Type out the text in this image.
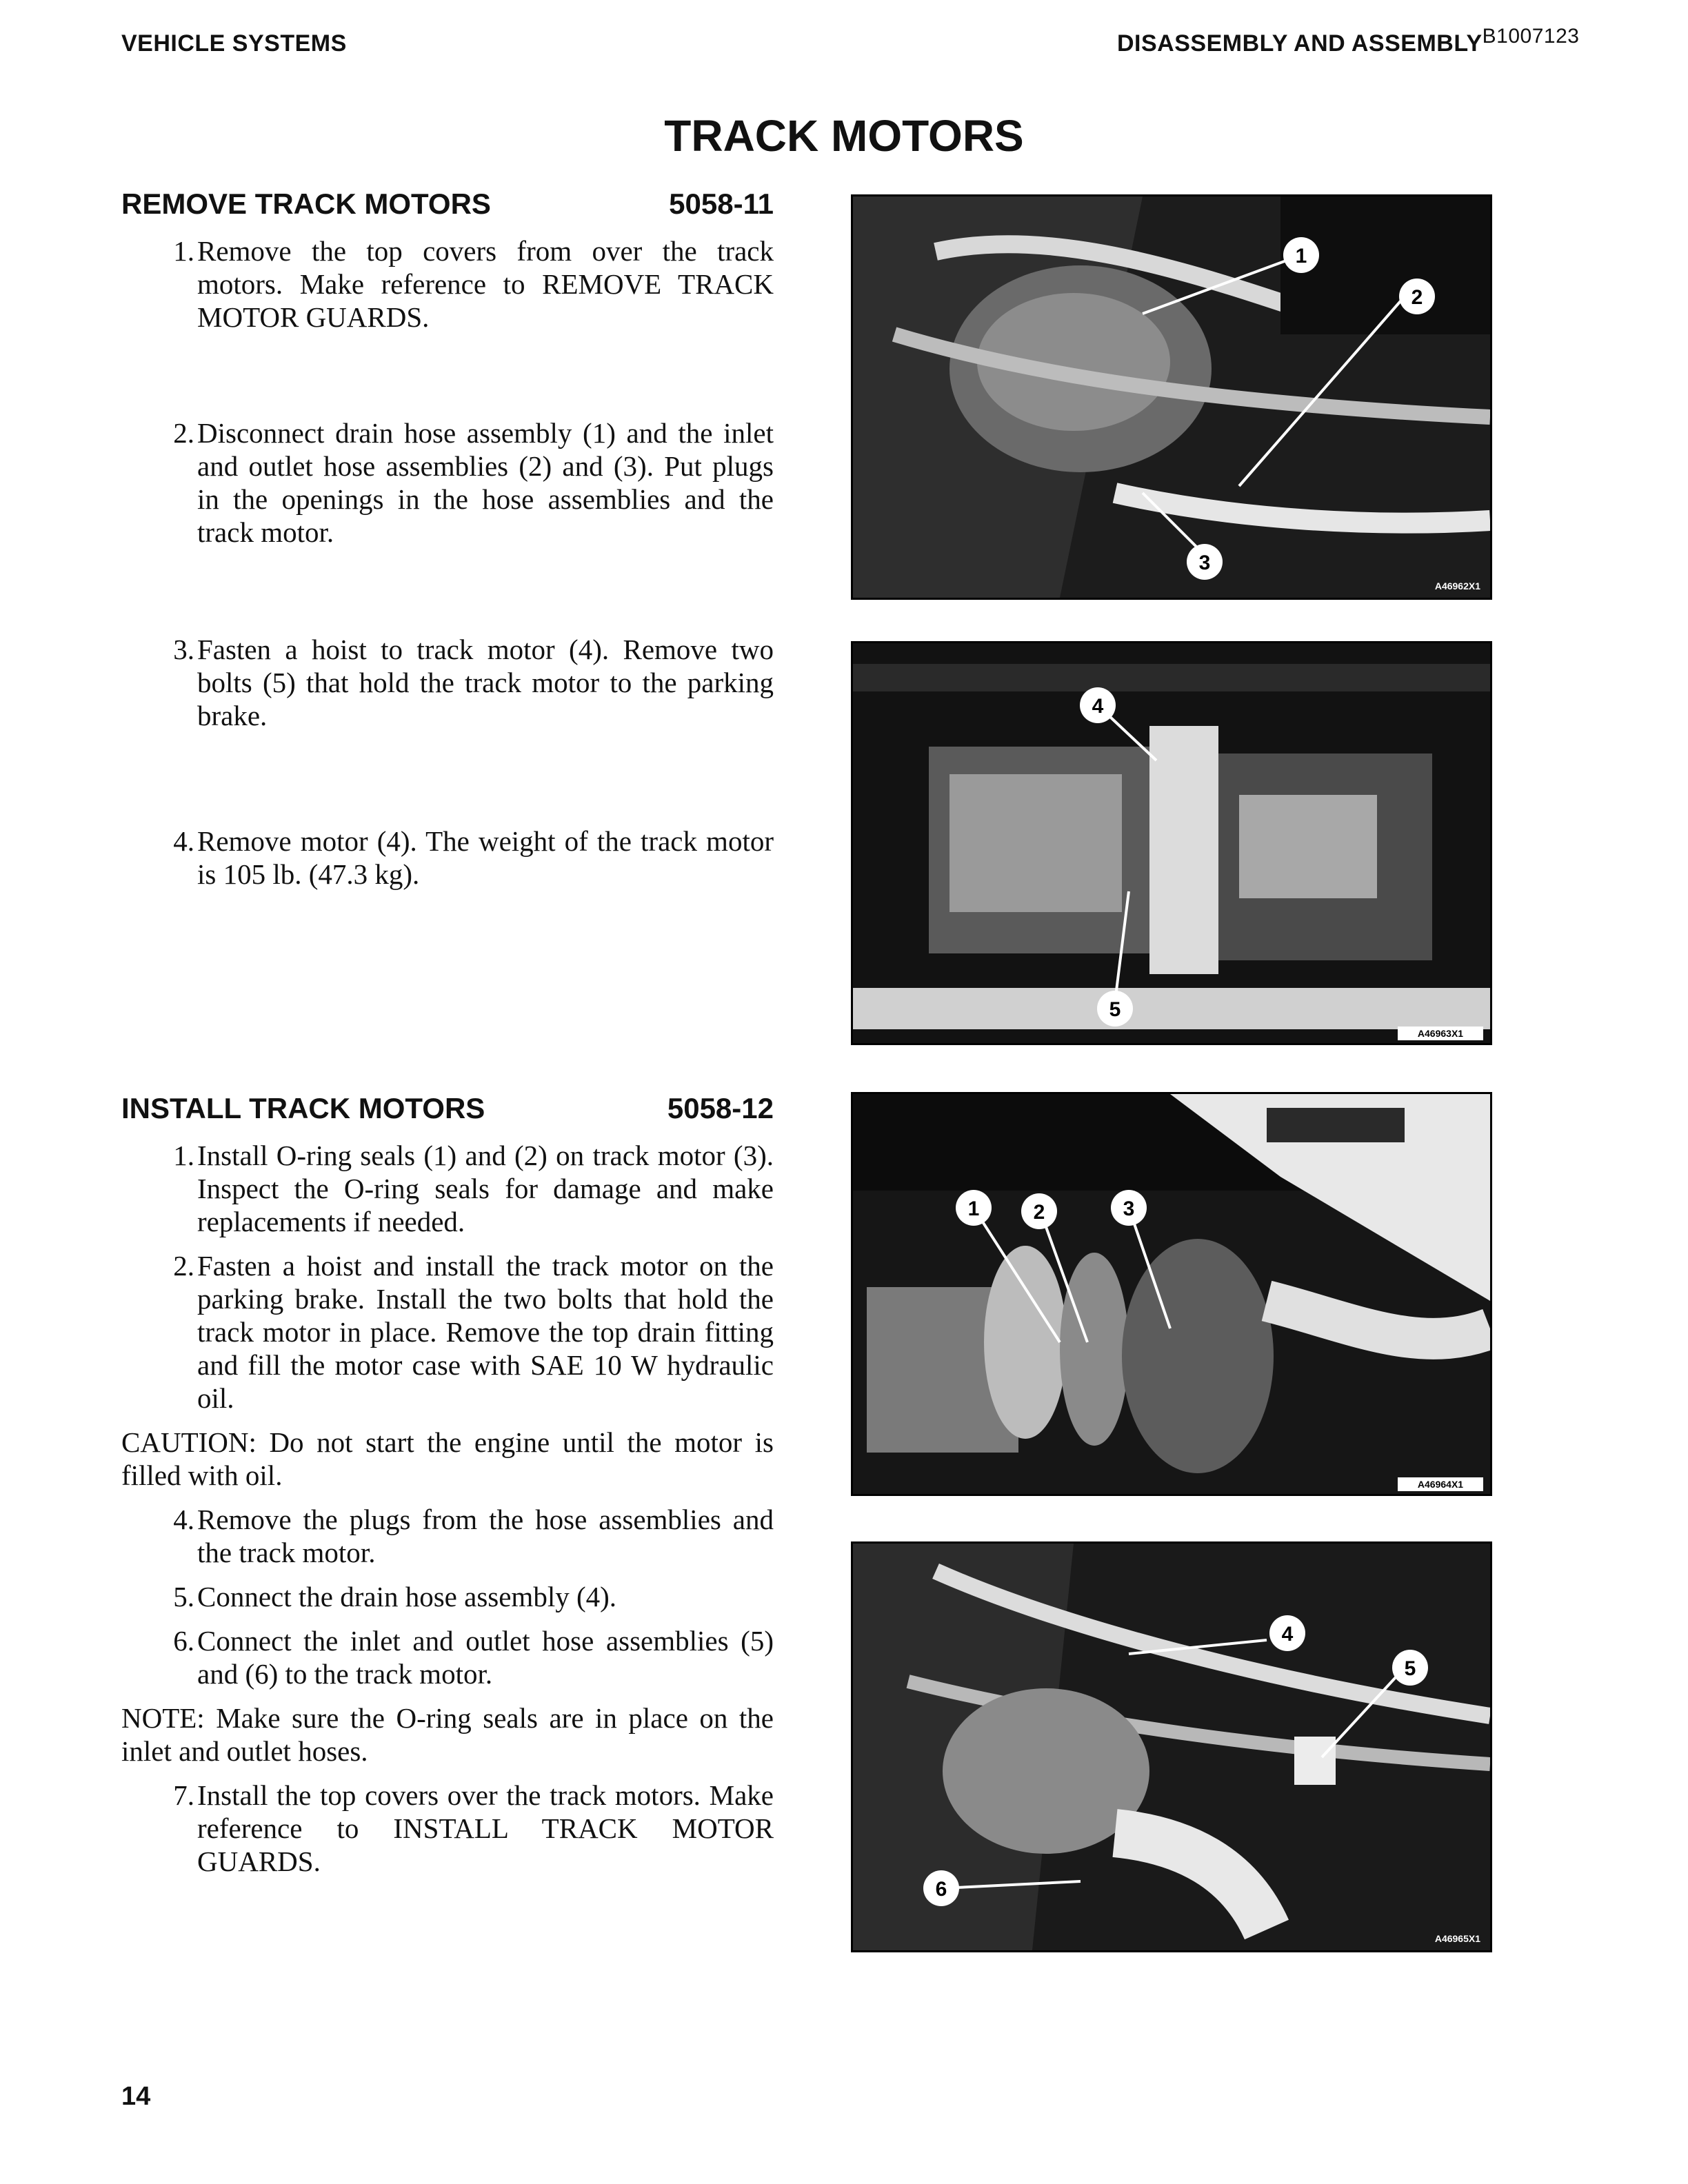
VEHICLE SYSTEMS	DISASSEMBLY AND ASSEMBLYB1007123
TRACK MOTORS
REMOVE TRACK MOTORS	5058-11
1. Remove the top covers from over the track motors. Make reference to REMOVE TRACK MOTOR GUARDS.
2. Disconnect drain hose assembly (1) and the inlet and outlet hose assemblies (2) and (3). Put plugs in the openings in the hose assemblies and the track motor.
3. Fasten a hoist to track motor (4). Remove two bolts (5) that hold the track motor to the parking brake.
4. Remove motor (4). The weight of the track motor is 105 lb. (47.3 kg).
INSTALL TRACK MOTORS	5058-12
1. Install O-ring seals (1) and (2) on track motor (3). Inspect the O-ring seals for damage and make replacements if needed.
2. Fasten a hoist and install the track motor on the parking brake. Install the two bolts that hold the track motor in place. Remove the top drain fitting and fill the motor case with SAE 10 W hydraulic oil.
CAUTION: Do not start the engine until the motor is filled with oil.
4. Remove the plugs from the hose assemblies and the track motor.
5. Connect the drain hose assembly (4).
6. Connect the inlet and outlet hose assemblies (5) and (6) to the track motor.
NOTE: Make sure the O-ring seals are in place on the inlet and outlet hoses.
7. Install the top covers over the track motors. Make reference to INSTALL TRACK MOTOR GUARDS.
1
2
3
A46962X1
4
5
A46963X1
1	2	3
A46964X1
4
5
6
A46965X1
14
